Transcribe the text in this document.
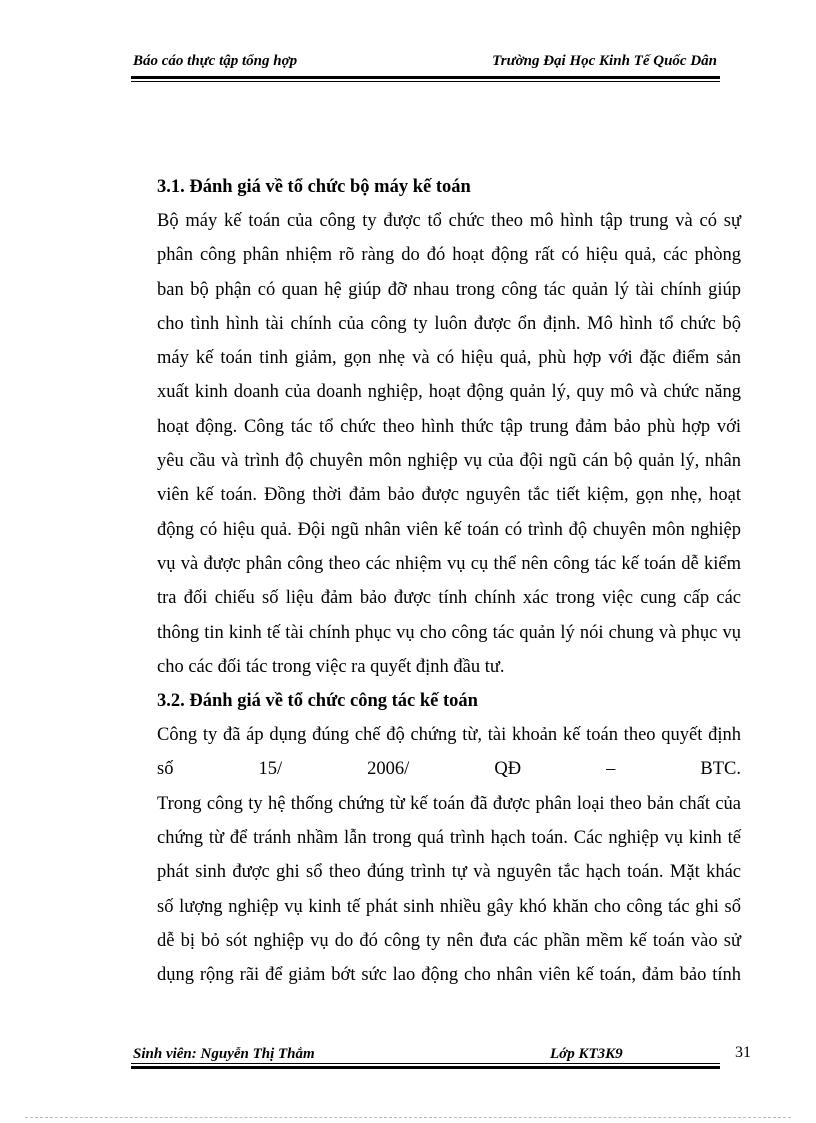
Báo cáo thực tập tổng hợp	Trường Đại Học Kinh Tế Quốc Dân
3.1. Đánh giá về tổ chức bộ máy kế toán
Bộ máy kế toán của công ty được tổ chức theo mô hình tập trung và có sự
phân công phân nhiệm rõ ràng do đó hoạt động rất có hiệu quả, các phòng
ban bộ phận có quan hệ giúp đỡ nhau trong công tác quản lý tài chính giúp
cho tình hình tài chính của công ty luôn được ổn định. Mô hình tổ chức bộ
máy kế toán tinh giảm, gọn nhẹ và có hiệu quả, phù hợp với đặc điểm sản
xuất kinh doanh của doanh nghiệp, hoạt động quản lý, quy mô và chức năng
hoạt động. Công tác tổ chức theo hình thức tập trung đảm bảo phù hợp với
yêu cầu và trình độ chuyên môn nghiệp vụ của đội ngũ cán bộ quản lý, nhân
viên kế toán. Đồng thời đảm bảo được nguyên tắc tiết kiệm, gọn nhẹ, hoạt
động có hiệu quả. Đội ngũ nhân viên kế toán có trình độ chuyên môn nghiệp
vụ và được phân công theo các nhiệm vụ cụ thể nên công tác kế toán dễ kiểm
tra đối chiếu số liệu đảm bảo được tính chính xác trong việc cung cấp các
thông tin kinh tế tài chính phục vụ cho công tác quản lý nói chung và phục vụ
cho các đối tác trong việc ra quyết định đầu tư.
3.2. Đánh giá về tổ chức công tác kế toán
Công ty đã áp dụng đúng chế độ chứng từ, tài khoản kế toán theo quyết định
số 15/ 2006/ QĐ – BTC.
Trong công ty hệ thống chứng từ kế toán đã được phân loại theo bản chất của
chứng từ để tránh nhầm lẫn trong quá trình hạch toán. Các nghiệp vụ kinh tế
phát sinh được ghi sổ theo đúng trình tự và nguyên tắc hạch toán. Mặt khác
số lượng nghiệp vụ kinh tế phát sinh nhiều gây khó khăn cho công tác ghi sổ
dễ bị bỏ sót nghiệp vụ do đó công ty nên đưa các phần mềm kế toán vào sử
dụng rộng rãi để giảm bớt sức lao động cho nhân viên kế toán, đảm bảo tính
Sinh viên: Nguyễn Thị Thắm	Lớp KT3K9	31
